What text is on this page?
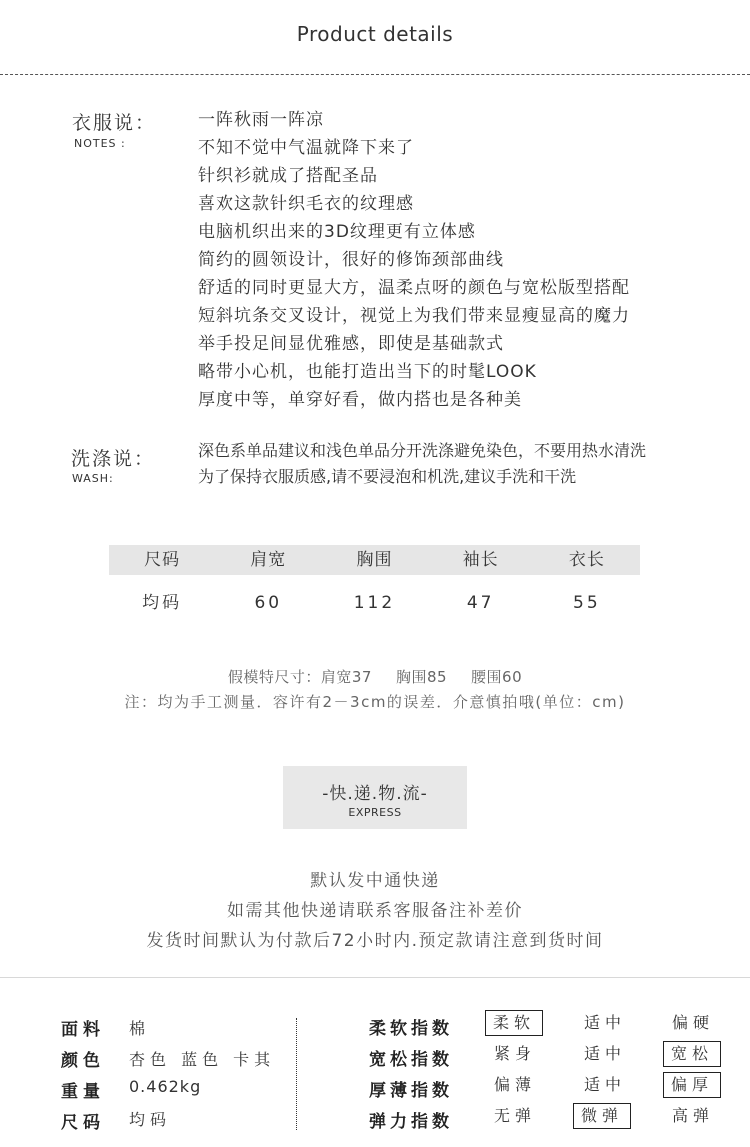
Product details
衣服说：
NOTES :
一阵秋雨一阵凉
不知不觉中气温就降下来了
针织衫就成了搭配圣品
喜欢这款针织毛衣的纹理感
电脑机织出来的3D纹理更有立体感
简约的圆领设计，很好的修饰颈部曲线
舒适的同时更显大方，温柔点呀的颜色与宽松版型搭配
短斜坑条交叉设计，视觉上为我们带来显瘦显高的魔力
举手投足间显优雅感，即使是基础款式
略带小心机，也能打造出当下的时髦LOOK
厚度中等，单穿好看，做内搭也是各种美
洗涤说：
WASH:
深色系单品建议和浅色单品分开洗涤避免染色，不要用热水清洗
为了保持衣服质感,请不要浸泡和机洗,建议手洗和干洗
尺码	肩宽	胸围	袖长	衣长
均码	60	112	47	55
假模特尺寸：肩宽37 胸围85 腰围60
注：均为手工测量．容许有2－3cm的误差．介意慎拍哦(单位：cm)
-快.递.物.流-
EXPRESS
默认发中通快递
如需其他快递请联系客服备注补差价
发货时间默认为付款后72小时内.预定款请注意到货时间
面料 棉
颜色 杏色 蓝色 卡其
重量 0.462kg
尺码 均码
柔软指数	柔软	适中	偏硬
宽松指数	紧身	适中	宽松
厚薄指数	偏薄	适中	偏厚
弹力指数	无弹	微弹	高弹
